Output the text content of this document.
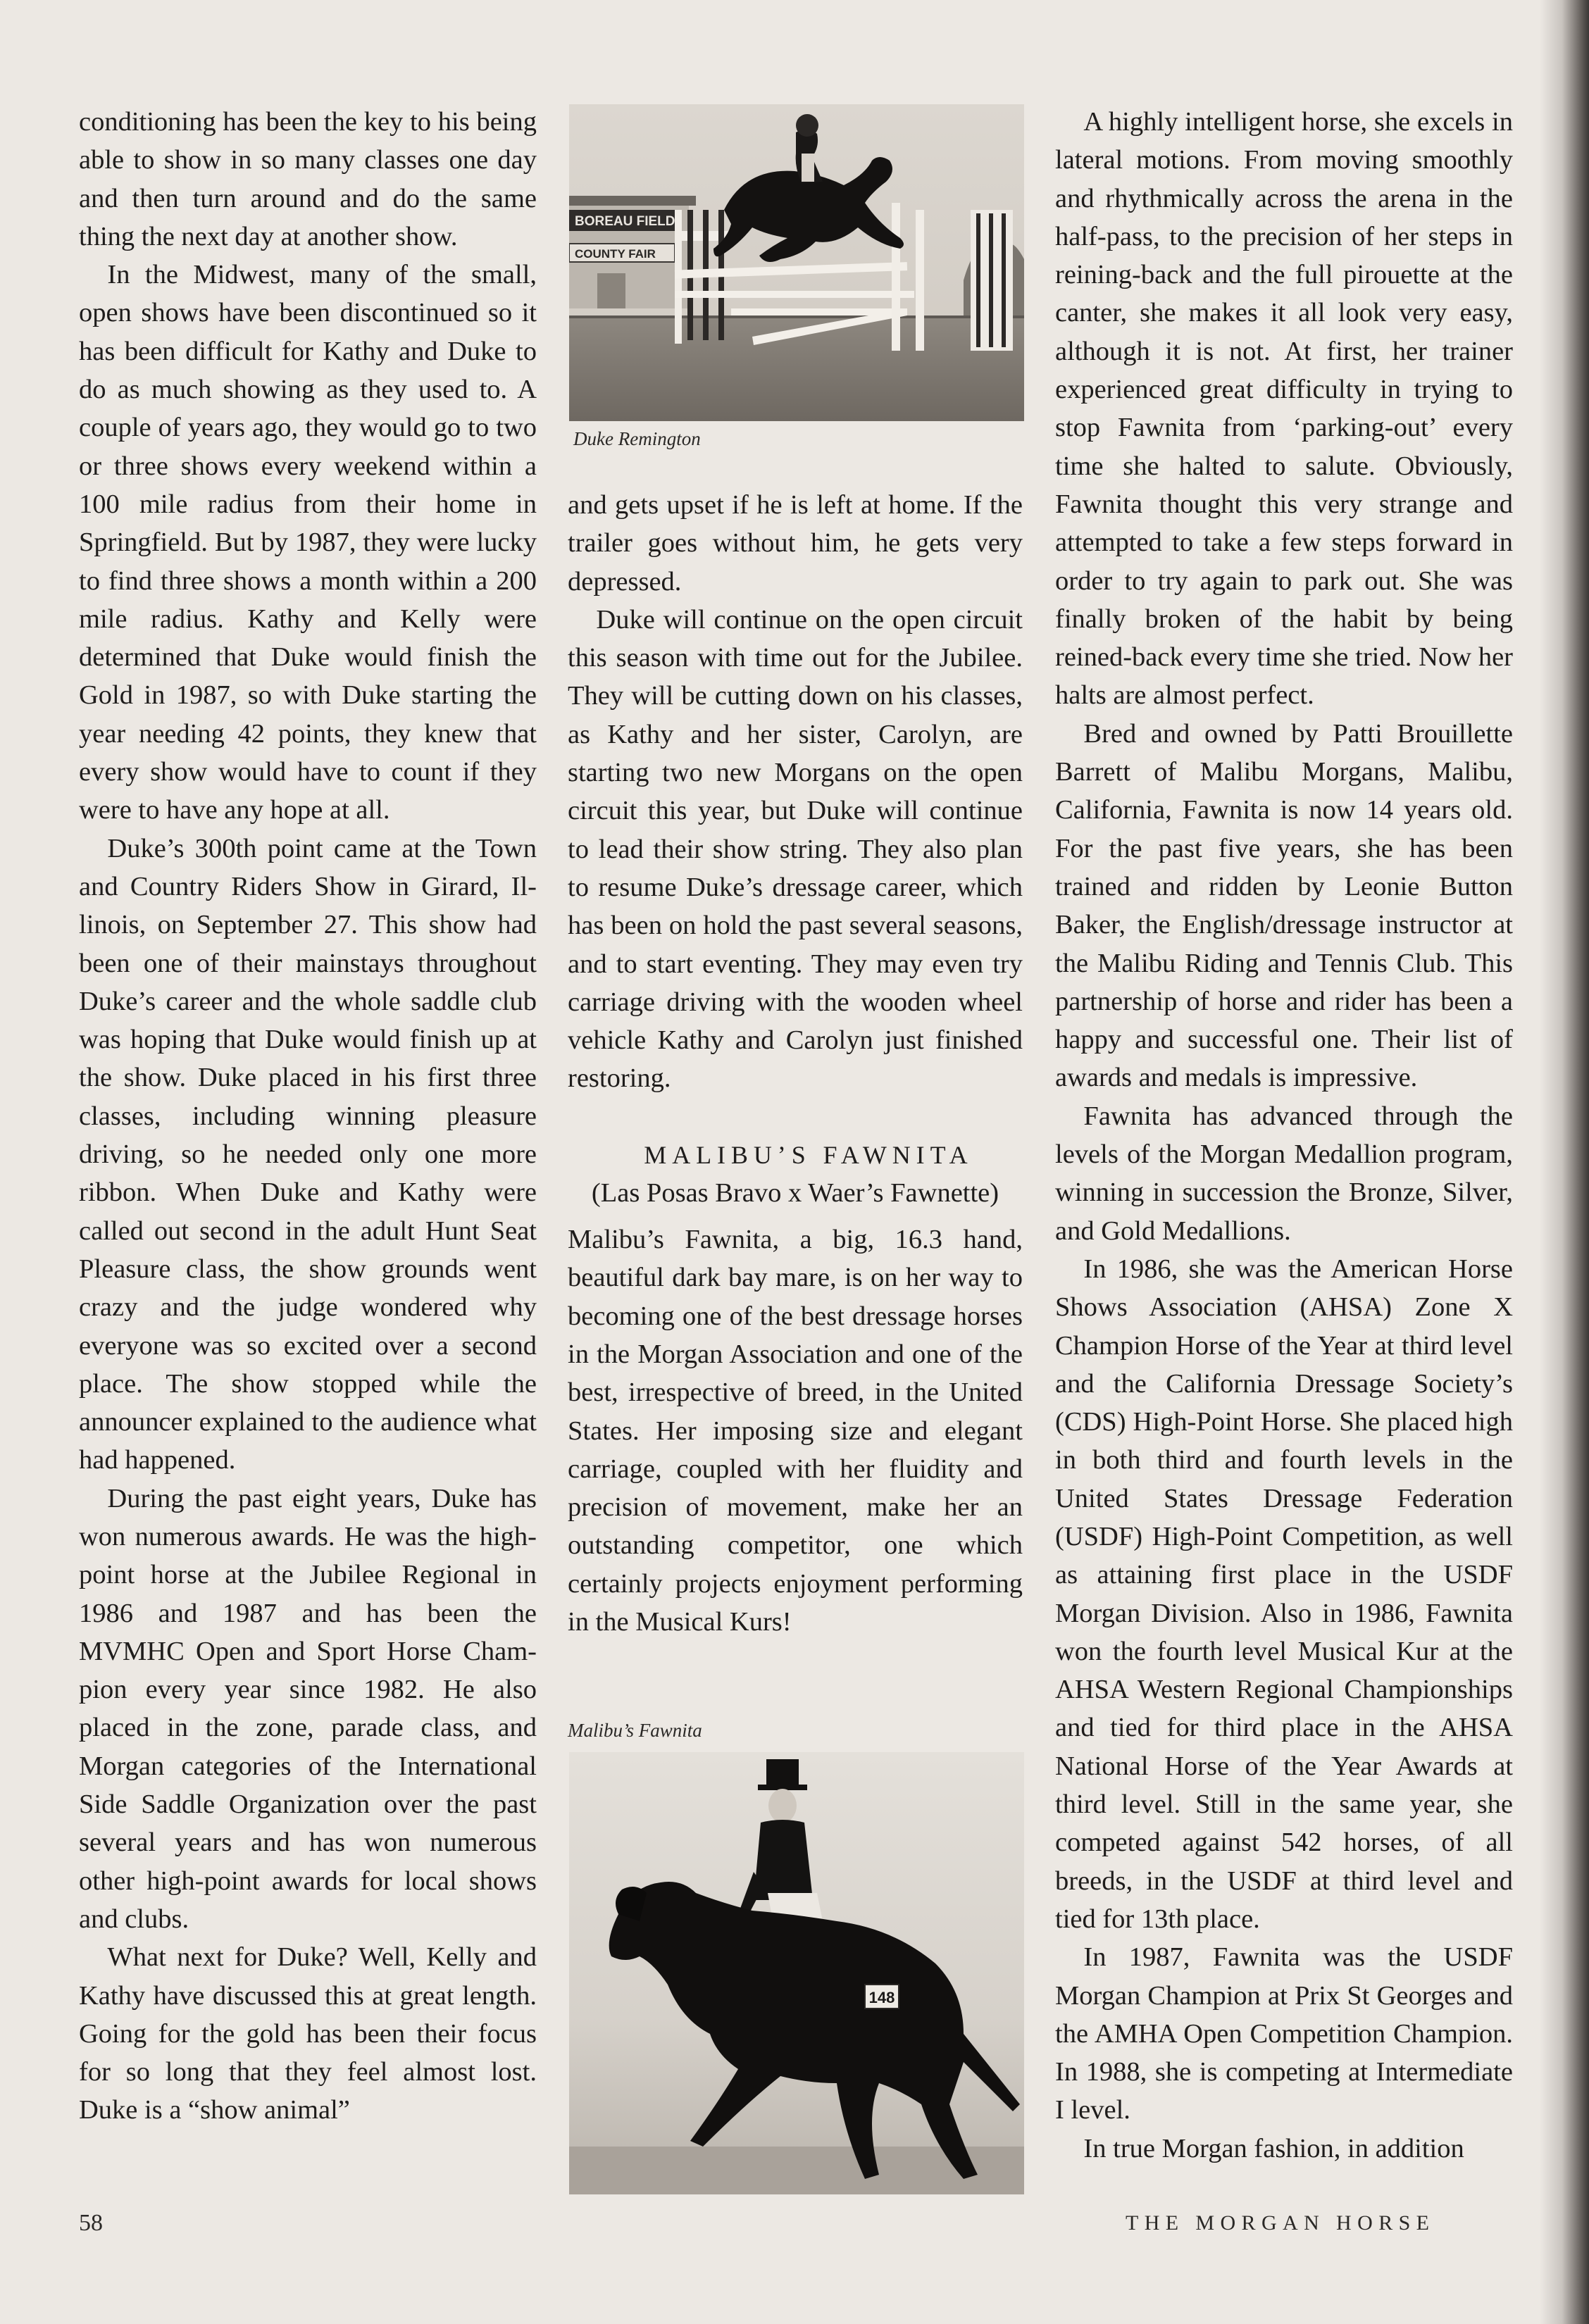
conditioning has been the key to his being able to show in so many classes one day and then turn around and do the same thing the next day at another show.

In the Midwest, many of the small, open shows have been discontinued so it has been difficult for Kathy and Duke to do as much showing as they used to. A couple of years ago, they would go to two or three shows every weekend within a 100 mile radius from their home in Springfield. But by 1987, they were lucky to find three shows a month within a 200 mile radius. Kathy and Kelly were determined that Duke would finish the Gold in 1987, so with Duke starting the year needing 42 points, they knew that every show would have to count if they were to have any hope at all.

Duke’s 300th point came at the Town and Country Riders Show in Girard, Illinois, on September 27. This show had been one of their mainstays throughout Duke’s career and the whole saddle club was hoping that Duke would finish up at the show. Duke placed in his first three classes, including winning pleasure driving, so he needed only one more ribbon. When Duke and Kathy were called out second in the adult Hunt Seat Pleasure class, the show grounds went crazy and the judge wondered why everyone was so excited over a second place. The show stopped while the announcer explained to the audience what had happened.

During the past eight years, Duke has won numerous awards. He was the high-point horse at the Jubilee Regional in 1986 and 1987 and has been the MVMHC Open and Sport Horse Champion every year since 1982. He also placed in the zone, parade class, and Morgan categories of the International Side Saddle Organization over the past several years and has won numerous other high-point awards for local shows and clubs.

What next for Duke? Well, Kelly and Kathy have discussed this at great length. Going for the gold has been their focus for so long that they feel almost lost. Duke is a “show animal”

BOREAU FIELD
COUNTY FAIR
Duke Remington

and gets upset if he is left at home. If the trailer goes without him, he gets very depressed.

Duke will continue on the open circuit this season with time out for the Jubilee. They will be cutting down on his classes, as Kathy and her sister, Carolyn, are starting two new Morgans on the open circuit this year, but Duke will continue to lead their show string. They also plan to resume Duke’s dressage career, which has been on hold the past several seasons, and to start eventing. They may even try carriage driving with the wooden wheel vehicle Kathy and Carolyn just finished restoring.

MALIBU’S FAWNITA

(Las Posas Bravo x Waer’s Fawnette)

Malibu’s Fawnita, a big, 16.3 hand, beautiful dark bay mare, is on her way to becoming one of the best dressage horses in the Morgan Association and one of the best, irrespective of breed, in the United States. Her imposing size and elegant carriage, coupled with her fluidity and precision of movement, make her an outstanding competitor, one which certainly projects enjoyment performing in the Musical Kurs!

Malibu’s Fawnita
148

A highly intelligent horse, she excels in lateral motions. From moving smoothly and rhythmically across the arena in the half-pass, to the precision of her steps in reining-back and the full pirouette at the canter, she makes it all look very easy, although it is not. At first, her trainer experienced great difficulty in trying to stop Fawnita from ‘parking-out’ every time she halted to salute. Obviously, Fawnita thought this very strange and attempted to take a few steps forward in order to try again to park out. She was finally broken of the habit by being reined-back every time she tried. Now her halts are almost perfect.

Bred and owned by Patti Brouillette Barrett of Malibu Morgans, Malibu, California, Fawnita is now 14 years old. For the past five years, she has been trained and ridden by Leonie Button Baker, the English/dressage instructor at the Malibu Riding and Tennis Club. This partnership of horse and rider has been a happy and successful one. Their list of awards and medals is impressive.

Fawnita has advanced through the levels of the Morgan Medallion program, winning in succession the Bronze, Silver, and Gold Medallions.

In 1986, she was the American Horse Shows Association (AHSA) Zone X Champion Horse of the Year at third level and the California Dressage Society’s (CDS) High-Point Horse. She placed high in both third and fourth levels in the United States Dressage Federation (USDF) High-Point Competition, as well as attaining first place in the USDF Morgan Division. Also in 1986, Fawnita won the fourth level Musical Kur at the AHSA Western Regional Championships and tied for third place in the AHSA National Horse of the Year Awards at third level. Still in the same year, she competed against 542 horses, of all breeds, in the USDF at third level and tied for 13th place.

In 1987, Fawnita was the USDF Morgan Champion at Prix St Georges and the AMHA Open Competition Champion. In 1988, she is competing at Intermediate I level.

In true Morgan fashion, in addition

58	THE MORGAN HORSE
